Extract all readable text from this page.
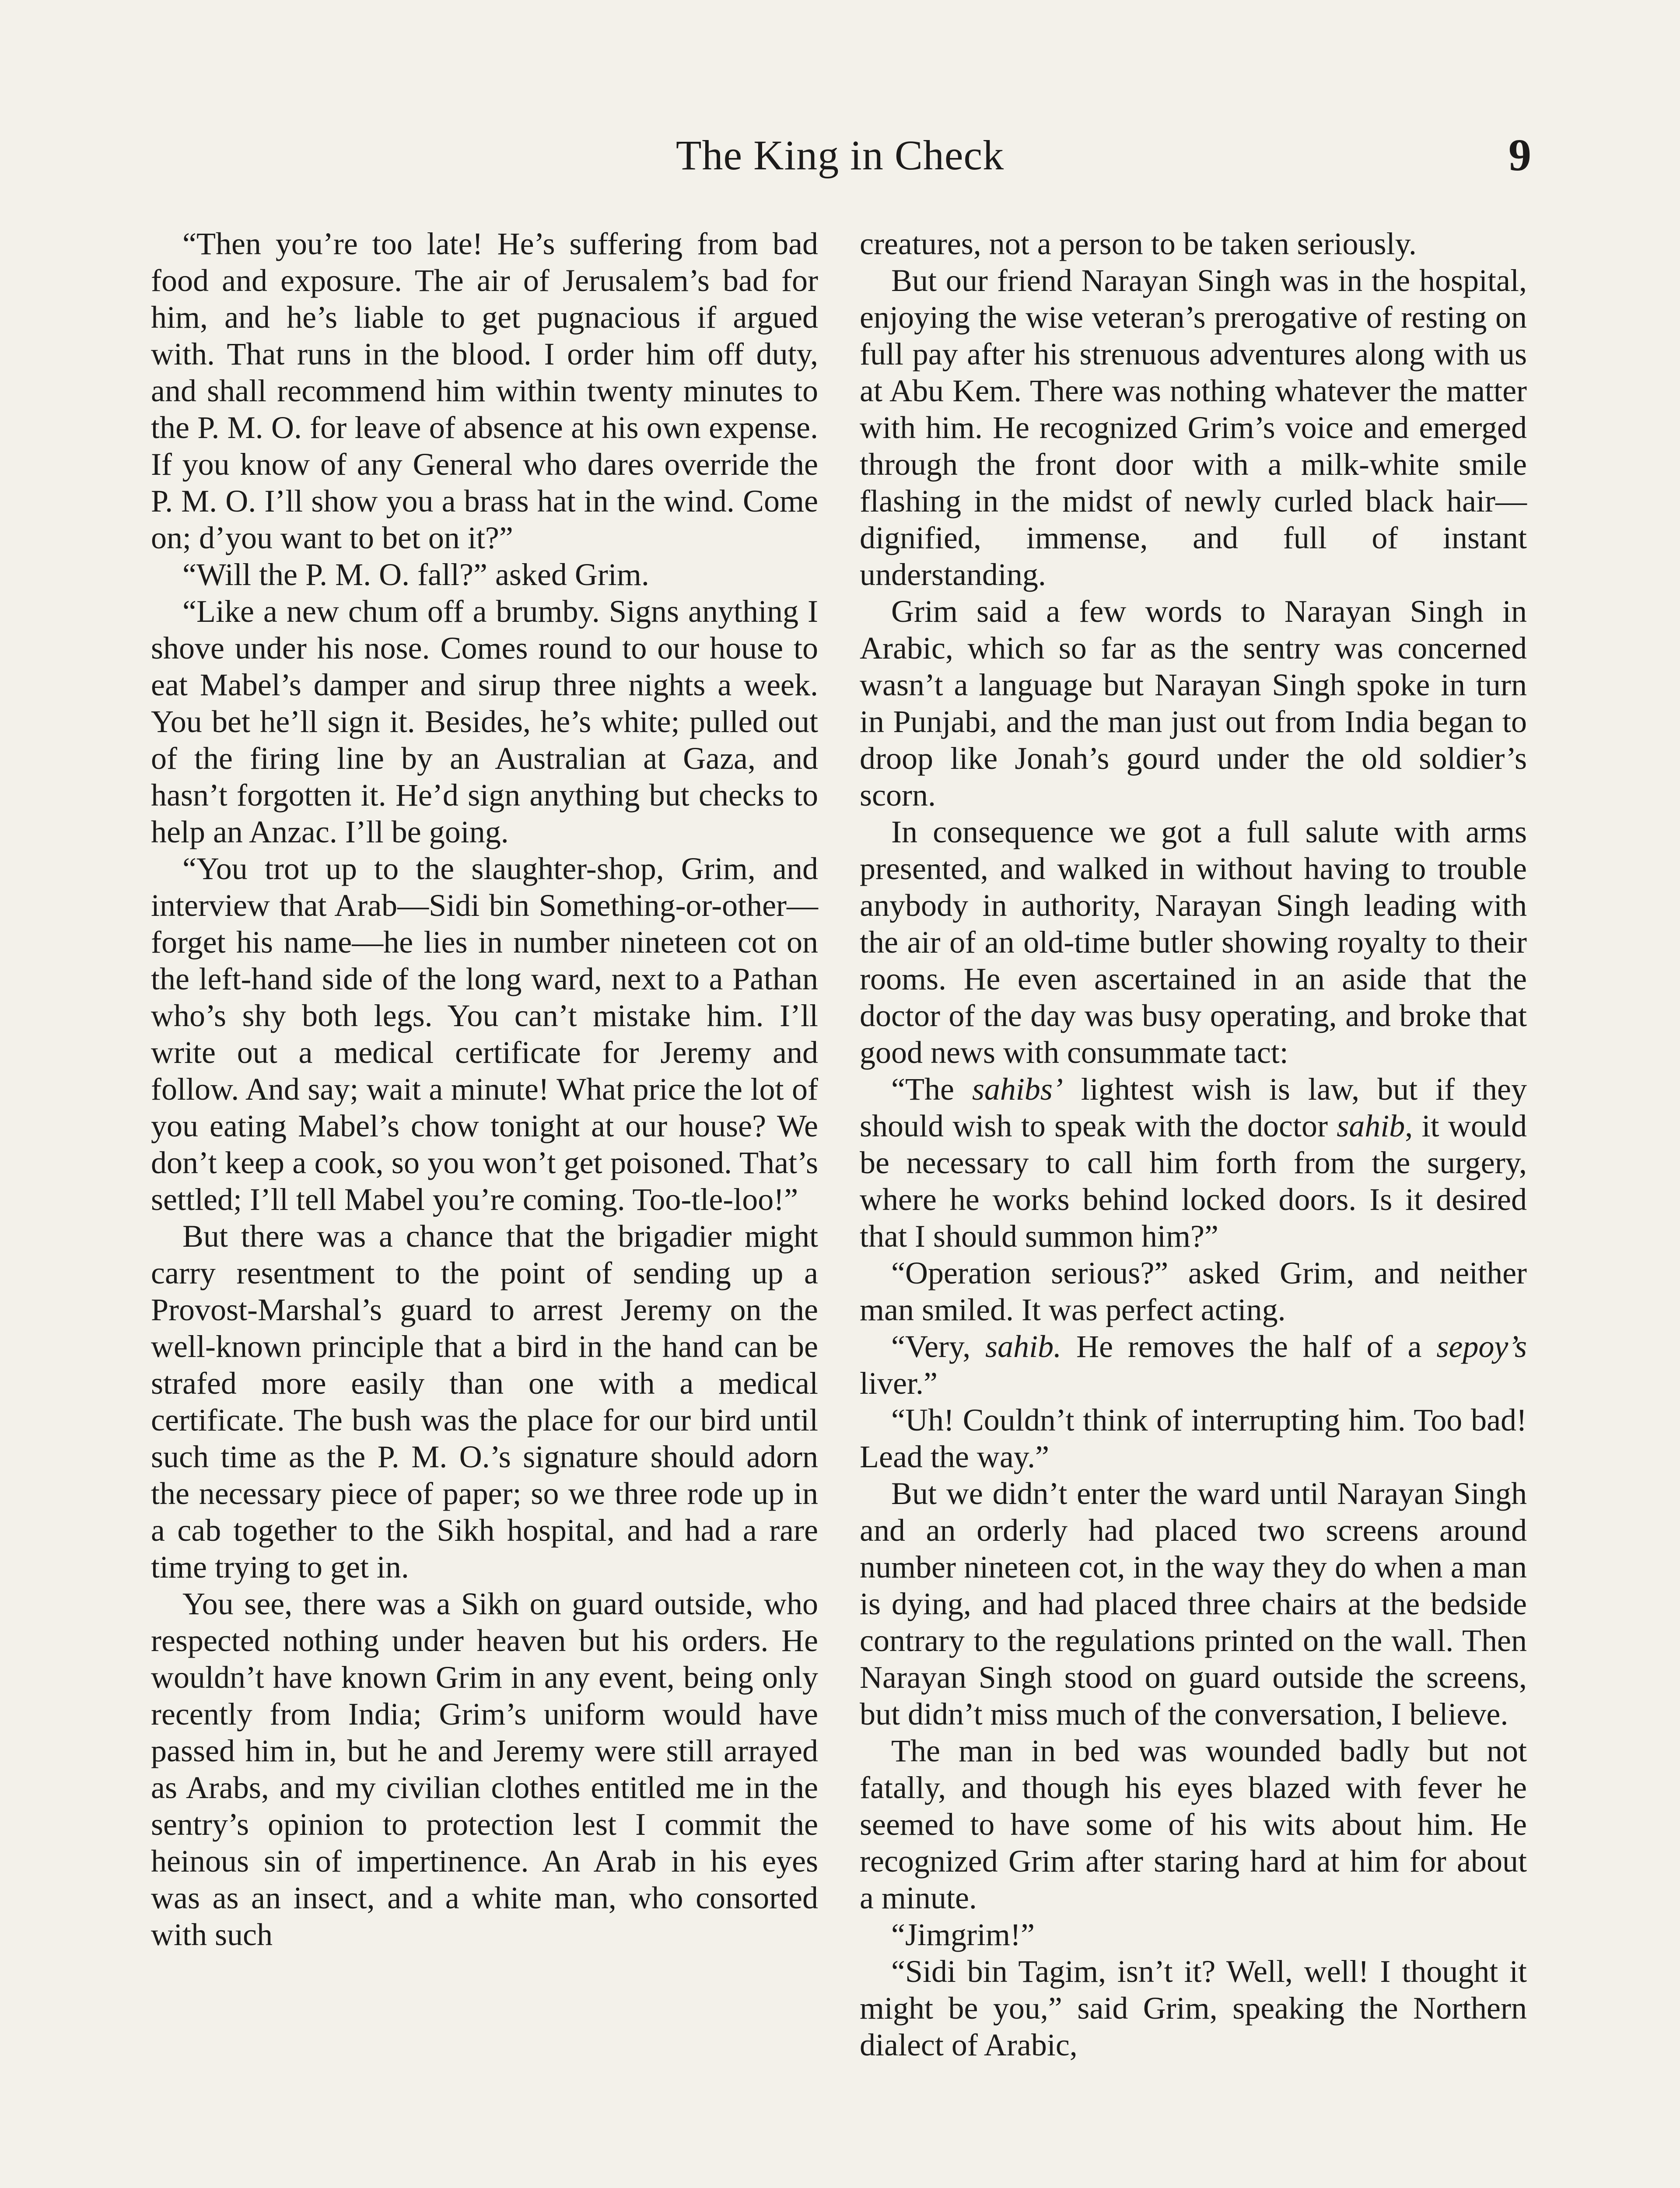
The King in Check	9

“Then you’re too late! He’s suffering from bad food and exposure. The air of Jerusalem’s bad for him, and he’s liable to get pugnacious if argued with. That runs in the blood. I order him off duty, and shall recommend him within twenty minutes to the P. M. O. for leave of absence at his own expense. If you know of any General who dares override the P. M. O. I’ll show you a brass hat in the wind. Come on; d’you want to bet on it?”

“Will the P. M. O. fall?” asked Grim.

“Like a new chum off a brumby. Signs anything I shove under his nose. Comes round to our house to eat Mabel’s damper and sirup three nights a week. You bet he’ll sign it. Besides, he’s white; pulled out of the firing line by an Australian at Gaza, and hasn’t forgotten it. He’d sign anything but checks to help an Anzac. I’ll be going.

“You trot up to the slaughter-shop, Grim, and interview that Arab—Sidi bin Something-or-other—forget his name—he lies in number nineteen cot on the left-hand side of the long ward, next to a Pathan who’s shy both legs. You can’t mistake him. I’ll write out a medical certificate for Jeremy and follow. And say; wait a minute! What price the lot of you eating Mabel’s chow tonight at our house? We don’t keep a cook, so you won’t get poisoned. That’s settled; I’ll tell Mabel you’re coming. Too-tle-loo!”

But there was a chance that the brigadier might carry resentment to the point of sending up a Provost-Marshal’s guard to arrest Jeremy on the well-known principle that a bird in the hand can be strafed more easily than one with a medical certificate. The bush was the place for our bird until such time as the P. M. O.’s signature should adorn the necessary piece of paper; so we three rode up in a cab together to the Sikh hospital, and had a rare time trying to get in.

You see, there was a Sikh on guard outside, who respected nothing under heaven but his orders. He wouldn’t have known Grim in any event, being only recently from India; Grim’s uniform would have passed him in, but he and Jeremy were still arrayed as Arabs, and my civilian clothes entitled me in the sentry’s opinion to protection lest I commit the heinous sin of impertinence. An Arab in his eyes was as an insect, and a white man, who consorted with such

creatures, not a person to be taken seriously.

But our friend Narayan Singh was in the hospital, enjoying the wise veteran’s prerogative of resting on full pay after his strenuous adventures along with us at Abu Kem. There was nothing whatever the matter with him. He recognized Grim’s voice and emerged through the front door with a milk-white smile flashing in the midst of newly curled black hair—dignified, immense, and full of instant understanding.

Grim said a few words to Narayan Singh in Arabic, which so far as the sentry was concerned wasn’t a language but Narayan Singh spoke in turn in Punjabi, and the man just out from India began to droop like Jonah’s gourd under the old soldier’s scorn.

In consequence we got a full salute with arms presented, and walked in without having to trouble anybody in authority, Narayan Singh leading with the air of an old-time butler showing royalty to their rooms. He even ascertained in an aside that the doctor of the day was busy operating, and broke that good news with consummate tact:

“The sahibs’ lightest wish is law, but if they should wish to speak with the doctor sahib, it would be necessary to call him forth from the surgery, where he works behind locked doors. Is it desired that I should summon him?”

“Operation serious?” asked Grim, and neither man smiled. It was perfect acting.

“Very, sahib. He removes the half of a sepoy’s liver.”

“Uh! Couldn’t think of interrupting him. Too bad! Lead the way.”

But we didn’t enter the ward until Narayan Singh and an orderly had placed two screens around number nineteen cot, in the way they do when a man is dying, and had placed three chairs at the bedside contrary to the regulations printed on the wall. Then Narayan Singh stood on guard outside the screens, but didn’t miss much of the conversation, I believe.

The man in bed was wounded badly but not fatally, and though his eyes blazed with fever he seemed to have some of his wits about him. He recognized Grim after staring hard at him for about a minute.

“Jimgrim!”

“Sidi bin Tagim, isn’t it? Well, well! I thought it might be you,” said Grim, speaking the Northern dialect of Arabic,
